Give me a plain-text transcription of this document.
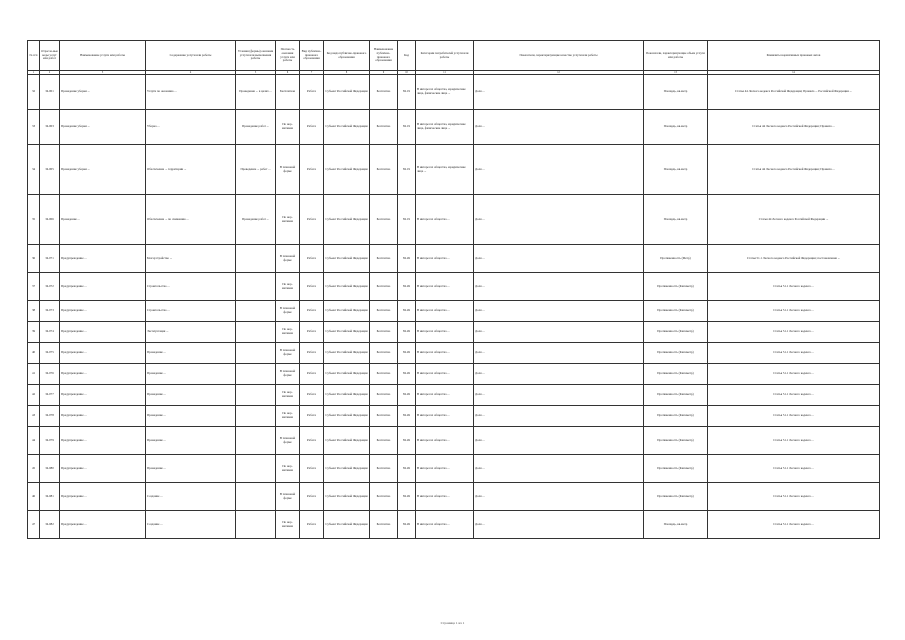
№ п/п	Отрасле-вые коды услуг или работ	Наименование услуги или работы	Содержание услуги или работы	Условия (формы) оказания услуги или выполнения работы	Платность оказания услуги или работы	Вид публично-правового образования	Код вида публично-правового образования	Наименование публично-правового образования	Код	Категории потребителей услуги или работы	Показатели, характеризующие качество услуги или работы	Показатели, характеризующие объем услуги или работы	Реквизиты нормативных правовых актов
1	2	3	4	5	6	7	8	9	10	11	12	13	14
32	34.001	Проведение уборки ...	Услуги по оказанию ...	Проведение ... в целях ...	Бесплатная	Работа	Субъект Российской Федерации	Бесплатно	82.19	В интересах общества, юридические лица, физические лица ...	Доля ...	Площадь, кв.метр	Статья 44 Лесного кодекса Российской Федерации; Правила ... Российской Федерации ...
33	34.003	Проведение уборки ...	Уборка ...	Проведение работ ...	По нор-мативам	Работа	Субъект Российской Федерации	Бесплатно	82.19	В интересах общества, юридические лица, физические лица ...	Доля ...	Площадь, кв.метр	Статья 44 Лесного кодекса Российской Федерации; Правила ...
34	34.005	Проведение уборки ...	Обеспечение ... территории ...	Проведение ... работ ...	В плановой форме	Работа	Субъект Российской Федерации	Бесплатно	82.19	В интересах общества, юридические лица ...	Доля ...	Площадь, кв.метр	Статья 44 Лесного кодекса Российской Федерации; Правила ...
35	34.006	Проведение ...	Обеспечение ... по снижению ...	Проведение работ ...	По нор-мативам	Работа	Субъект Российской Федерации	Бесплатно	82.19	В интересах общества ...	Доля ...	Площадь, кв.метр	Статья 44 Лесного кодекса Российской Федерации ...
36	34.071	Предупреждение ...	Благоустройство ...		В плановой форме	Работа	Субъект Российской Федерации	Бесплатно	82.49	В интересах общества ...	Доля ...	Протяженность (Метр)	Статья 51.1 Лесного кодекса Российской Федерации; постановление ...
37	34.072	Предупреждение ...	Строительство ...		По нор-мативам	Работа	Субъект Российской Федерации	Бесплатно	82.49	В интересах общества ...	Доля ...	Протяженность (Километр)	Статья 51.1 Лесного кодекса ...
38	34.073	Предупреждение ...	Строительство ...		В плановой форме	Работа	Субъект Российской Федерации	Бесплатно	82.49	В интересах общества ...	Доля ...	Протяженность (Километр)	Статья 51.1 Лесного кодекса ...
39	34.074	Предупреждение ...	Эксплуатация ...		По нор-мативам	Работа	Субъект Российской Федерации	Бесплатно	82.49	В интересах общества ...	Доля ...	Протяженность (Километр)	Статья 51.1 Лесного кодекса ...
40	34.075	Предупреждение ...	Проведение ...		В плановой форме	Работа	Субъект Российской Федерации	Бесплатно	82.49	В интересах общества ...	Доля ...	Протяженность (Километр)	Статья 51.1 Лесного кодекса ...
41	34.076	Предупреждение ...	Проведение ...		В плановой форме	Работа	Субъект Российской Федерации	Бесплатно	82.49	В интересах общества ...	Доля ...	Протяженность (Километр)	Статья 51.1 Лесного кодекса ...
42	34.077	Предупреждение ...	Проведение ...		По нор-мативам	Работа	Субъект Российской Федерации	Бесплатно	82.49	В интересах общества ...	Доля ...	Протяженность (Километр)	Статья 51.1 Лесного кодекса ...
43	34.078	Предупреждение ...	Проведение ...		По нор-мативам	Работа	Субъект Российской Федерации	Бесплатно	82.49	В интересах общества ...	Доля ...	Протяженность (Километр)	Статья 51.1 Лесного кодекса ...
44	34.079	Предупреждение ...	Проведение ...		В плановой форме	Работа	Субъект Российской Федерации	Бесплатно	82.49	В интересах общества ...	Доля ...	Протяженность (Километр)	Статья 51.1 Лесного кодекса ...
45	34.080	Предупреждение ...	Проведение ...		По нор-мативам	Работа	Субъект Российской Федерации	Бесплатно	82.49	В интересах общества ...	Доля ...	Протяженность (Километр)	Статья 51.1 Лесного кодекса ...
46	34.081	Предупреждение ...	Создание ...		В плановой форме	Работа	Субъект Российской Федерации	Бесплатно	82.49	В интересах общества ...	Доля ...	Протяженность (Километр)	Статья 51.1 Лесного кодекса ...
47	34.082	Предупреждение ...	Создание ...		По нор-мативам	Работа	Субъект Российской Федерации	Бесплатно	82.49	В интересах общества ...	Доля ...	Площадь, кв.метр	Статья 51.1 Лесного кодекса ...
Страница 1 из 1
